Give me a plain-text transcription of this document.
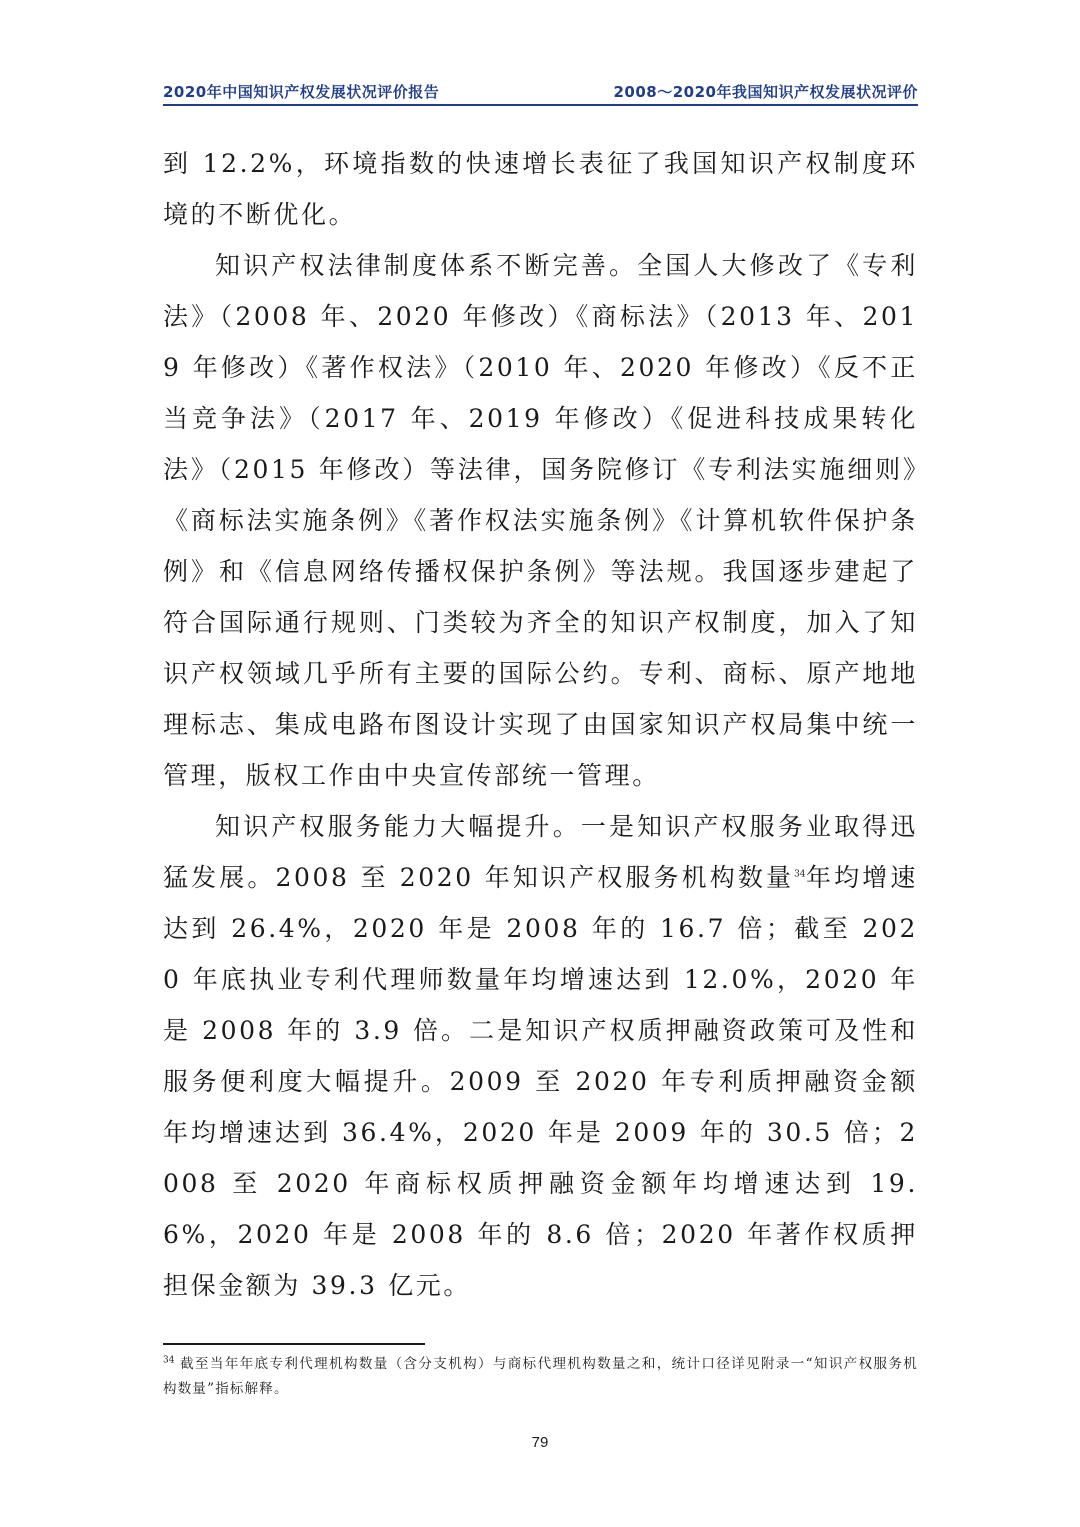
2020年中国知识产权发展状况评价报告	2008～2020年我国知识产权发展状况评价

到 12.2%，环境指数的快速增长表征了我国知识产权制度环境的不断优化。

知识产权法律制度体系不断完善。全国人大修改了《专利法》（2008 年、2020 年修改）《商标法》（2013 年、2019 年修改）《著作权法》（2010 年、2020 年修改）《反不正当竞争法》（2017 年、2019 年修改）《促进科技成果转化法》（2015 年修改）等法律，国务院修订《专利法实施细则》《商标法实施条例》《著作权法实施条例》《计算机软件保护条例》和《信息网络传播权保护条例》等法规。我国逐步建起了符合国际通行规则、门类较为齐全的知识产权制度，加入了知识产权领域几乎所有主要的国际公约。专利、商标、原产地地理标志、集成电路布图设计实现了由国家知识产权局集中统一管理，版权工作由中央宣传部统一管理。

知识产权服务能力大幅提升。一是知识产权服务业取得迅猛发展。2008 至 2020 年知识产权服务机构数量$^{34}$年均增速达到 26.4%，2020 年是 2008 年的 16.7 倍；截至 2020 年底执业专利代理师数量年均增速达到 12.0%，2020 年是 2008 年的 3.9 倍。二是知识产权质押融资政策可及性和服务便利度大幅提升。2009 至 2020 年专利质押融资金额年均增速达到 36.4%，2020 年是 2009 年的 30.5 倍；2008 至 2020 年商标权质押融资金额年均增速达到 19.6%，2020 年是 2008 年的 8.6 倍；2020 年著作权质押担保金额为 39.3 亿元。

$^{34}$ 截至当年年底专利代理机构数量（含分支机构）与商标代理机构数量之和，统计口径详见附录一“知识产权服务机构数量”指标解释。

79
